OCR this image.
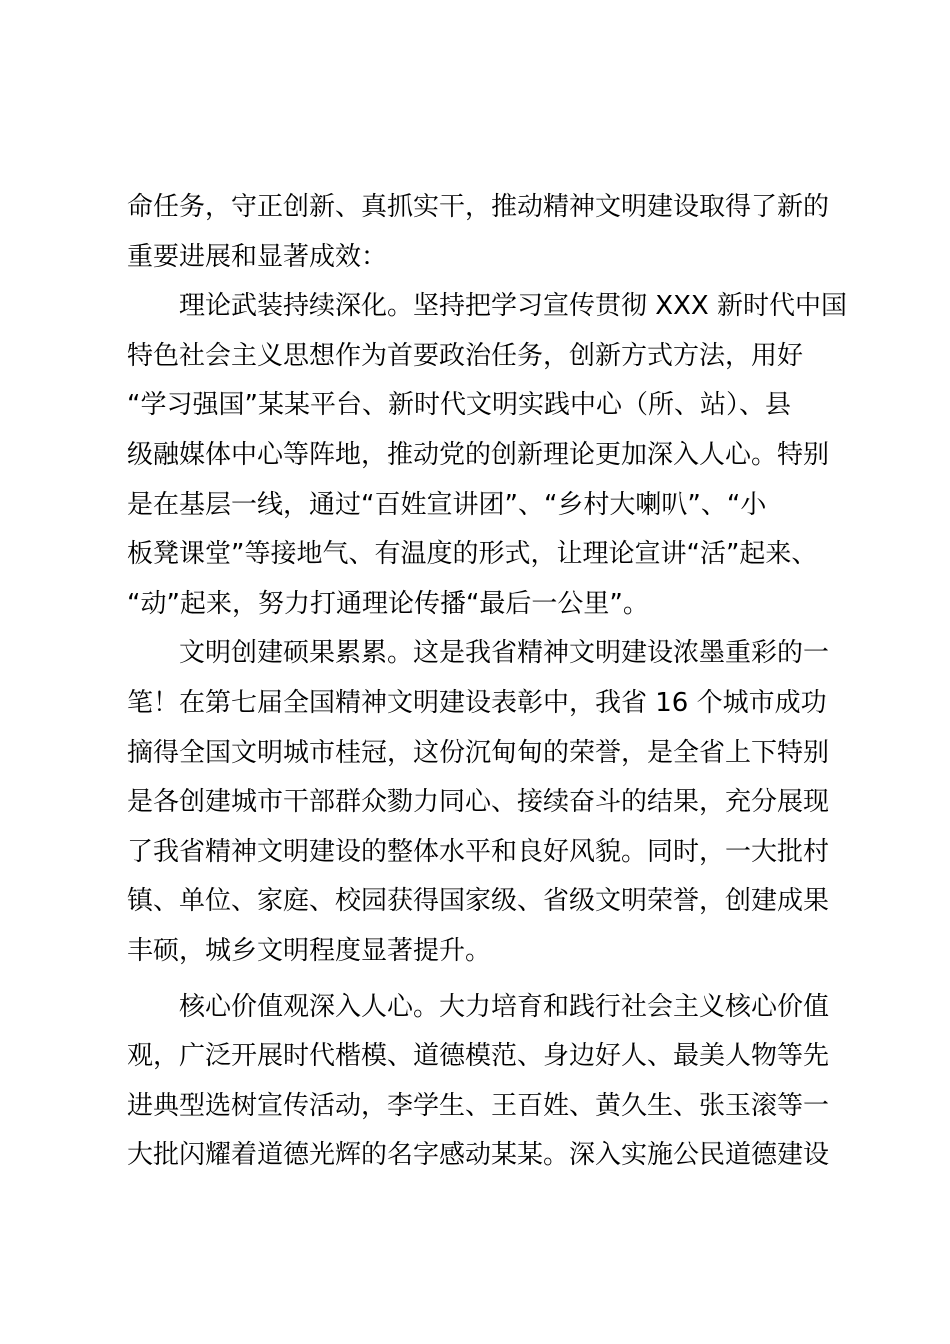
命任务，守正创新、真抓实干，推动精神文明建设取得了新的
重要进展和显著成效：
理论武装持续深化。坚持把学习宣传贯彻 XXX 新时代中国
特色社会主义思想作为首要政治任务，创新方式方法，用好
“学习强国”某某平台、新时代文明实践中心（所、站）、县
级融媒体中心等阵地，推动党的创新理论更加深入人心。特别
是在基层一线，通过“百姓宣讲团”、“乡村大喇叭”、“小
板凳课堂”等接地气、有温度的形式，让理论宣讲“活”起来、
“动”起来，努力打通理论传播“最后一公里”。
文明创建硕果累累。这是我省精神文明建设浓墨重彩的一
笔！在第七届全国精神文明建设表彰中，我省 16 个城市成功
摘得全国文明城市桂冠，这份沉甸甸的荣誉，是全省上下特别
是各创建城市干部群众勠力同心、接续奋斗的结果，充分展现
了我省精神文明建设的整体水平和良好风貌。同时，一大批村
镇、单位、家庭、校园获得国家级、省级文明荣誉，创建成果
丰硕，城乡文明程度显著提升。
核心价值观深入人心。大力培育和践行社会主义核心价值
观，广泛开展时代楷模、道德模范、身边好人、最美人物等先
进典型选树宣传活动，李学生、王百姓、黄久生、张玉滚等一
大批闪耀着道德光辉的名字感动某某。深入实施公民道德建设
